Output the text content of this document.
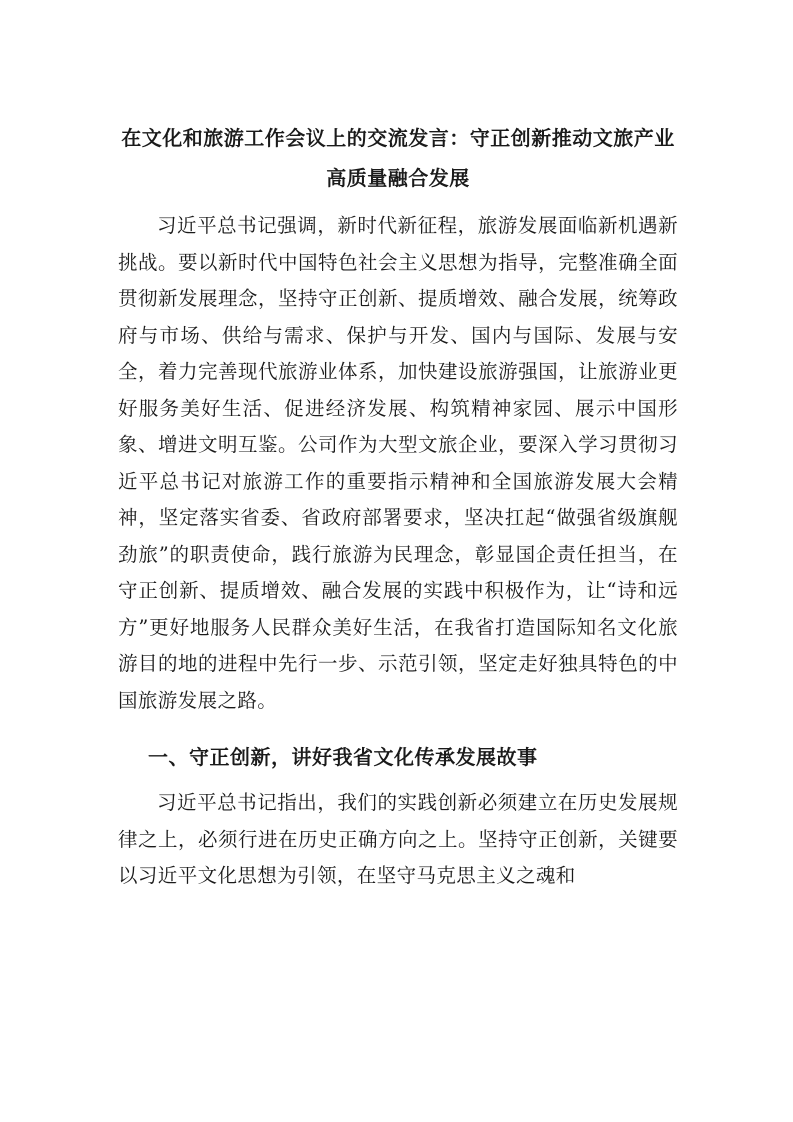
在文化和旅游工作会议上的交流发言：守正创新推动文旅产业高质量融合发展

习近平总书记强调，新时代新征程，旅游发展面临新机遇新挑战。要以新时代中国特色社会主义思想为指导，完整准确全面贯彻新发展理念，坚持守正创新、提质增效、融合发展，统筹政府与市场、供给与需求、保护与开发、国内与国际、发展与安全，着力完善现代旅游业体系，加快建设旅游强国，让旅游业更好服务美好生活、促进经济发展、构筑精神家园、展示中国形象、增进文明互鉴。公司作为大型文旅企业，要深入学习贯彻习近平总书记对旅游工作的重要指示精神和全国旅游发展大会精神，坚定落实省委、省政府部署要求，坚决扛起“做强省级旗舰劲旅”的职责使命，践行旅游为民理念，彰显国企责任担当，在守正创新、提质增效、融合发展的实践中积极作为，让“诗和远方”更好地服务人民群众美好生活，在我省打造国际知名文化旅游目的地的进程中先行一步、示范引领，坚定走好独具特色的中国旅游发展之路。

一、守正创新，讲好我省文化传承发展故事

习近平总书记指出，我们的实践创新必须建立在历史发展规律之上，必须行进在历史正确方向之上。坚持守正创新，关键要以习近平文化思想为引领，在坚守马克思主义之魂和
